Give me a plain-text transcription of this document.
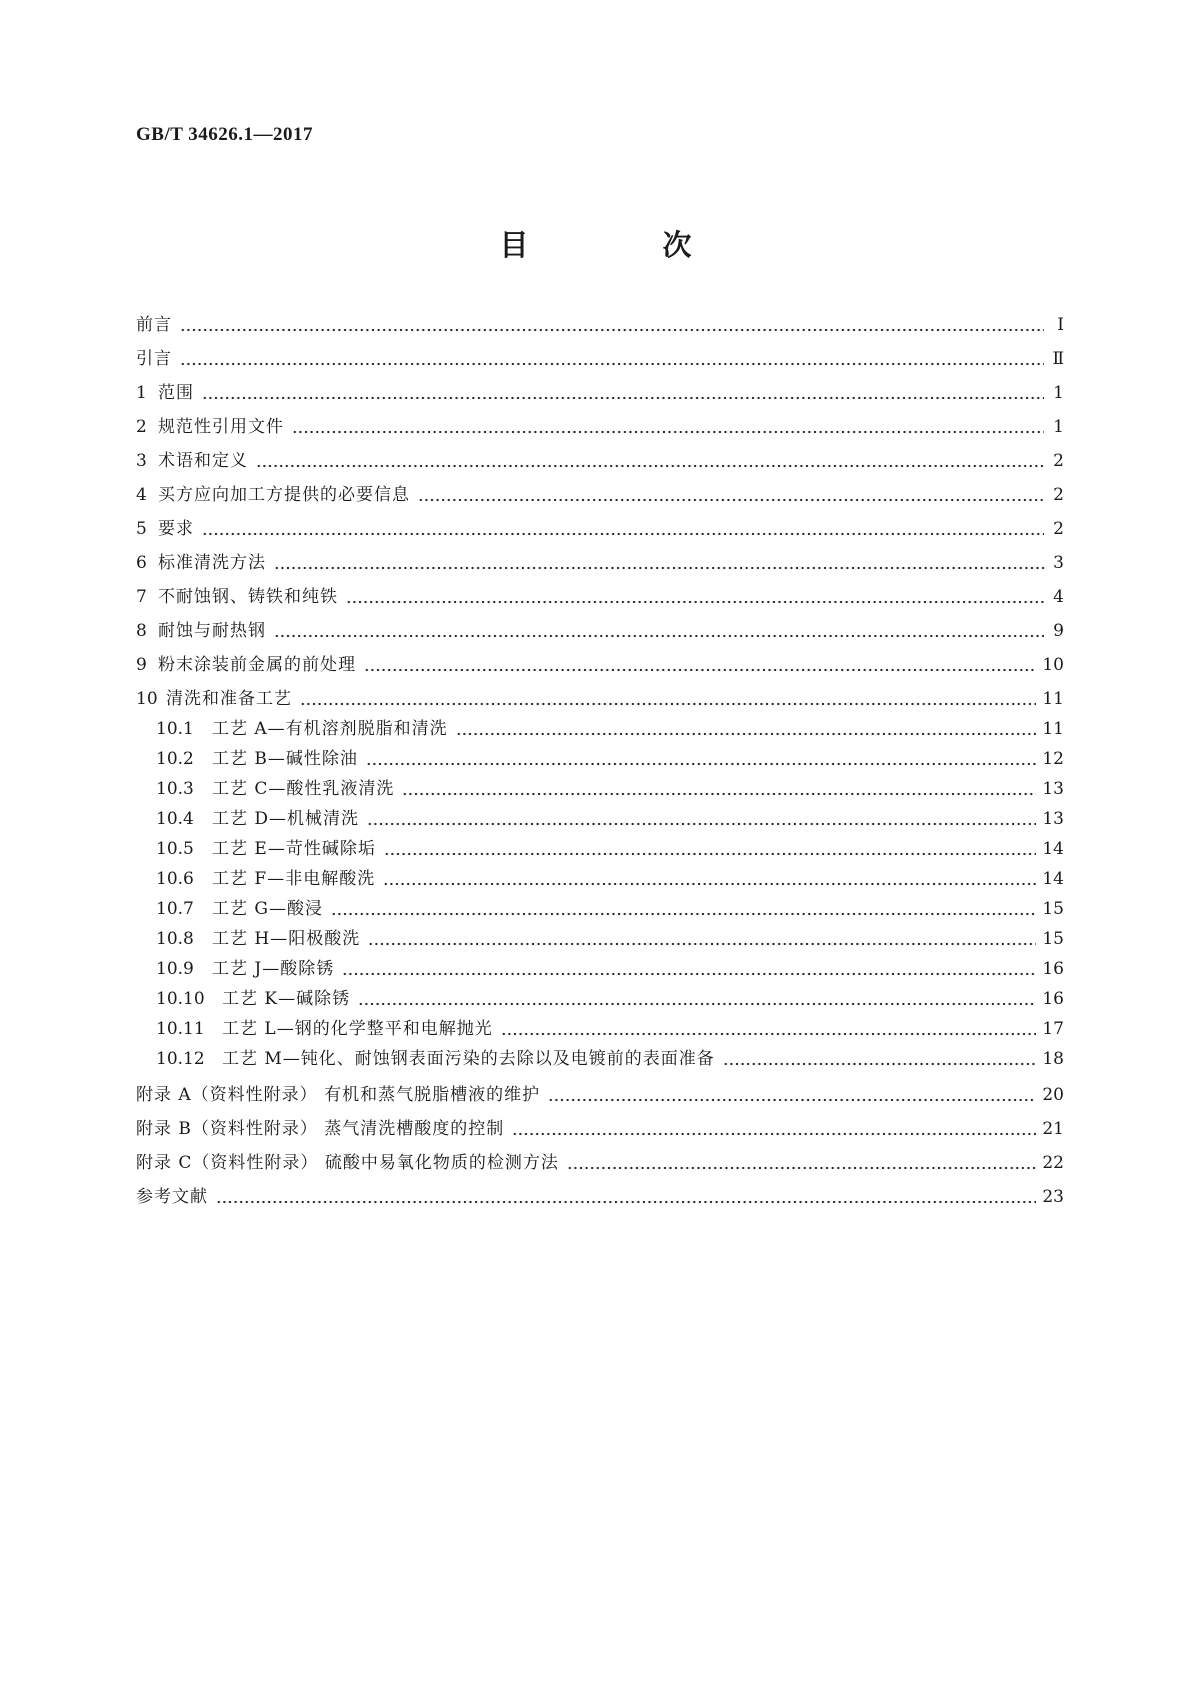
GB/T 34626.1—2017
目 次
前言	Ⅰ
引言	Ⅱ
1 范围	1
2 规范性引用文件	1
3 术语和定义	2
4 买方应向加工方提供的必要信息	2
5 要求	2
6 标准清洗方法	3
7 不耐蚀钢、铸铁和纯铁	4
8 耐蚀与耐热钢	9
9 粉末涂装前金属的前处理	10
10 清洗和准备工艺	11
10.1	工艺 A—有机溶剂脱脂和清洗	11
10.2	工艺 B—碱性除油	12
10.3	工艺 C—酸性乳液清洗	13
10.4	工艺 D—机械清洗	13
10.5	工艺 E—苛性碱除垢	14
10.6	工艺 F—非电解酸洗	14
10.7	工艺 G—酸浸	15
10.8	工艺 H—阳极酸洗	15
10.9	工艺 J—酸除锈	16
10.10	工艺 K—碱除锈	16
10.11	工艺 L—钢的化学整平和电解抛光	17
10.12	工艺 M—钝化、耐蚀钢表面污染的去除以及电镀前的表面准备	18
附录 A（资料性附录） 有机和蒸气脱脂槽液的维护	20
附录 B（资料性附录） 蒸气清洗槽酸度的控制	21
附录 C（资料性附录） 硫酸中易氧化物质的检测方法	22
参考文献	23
